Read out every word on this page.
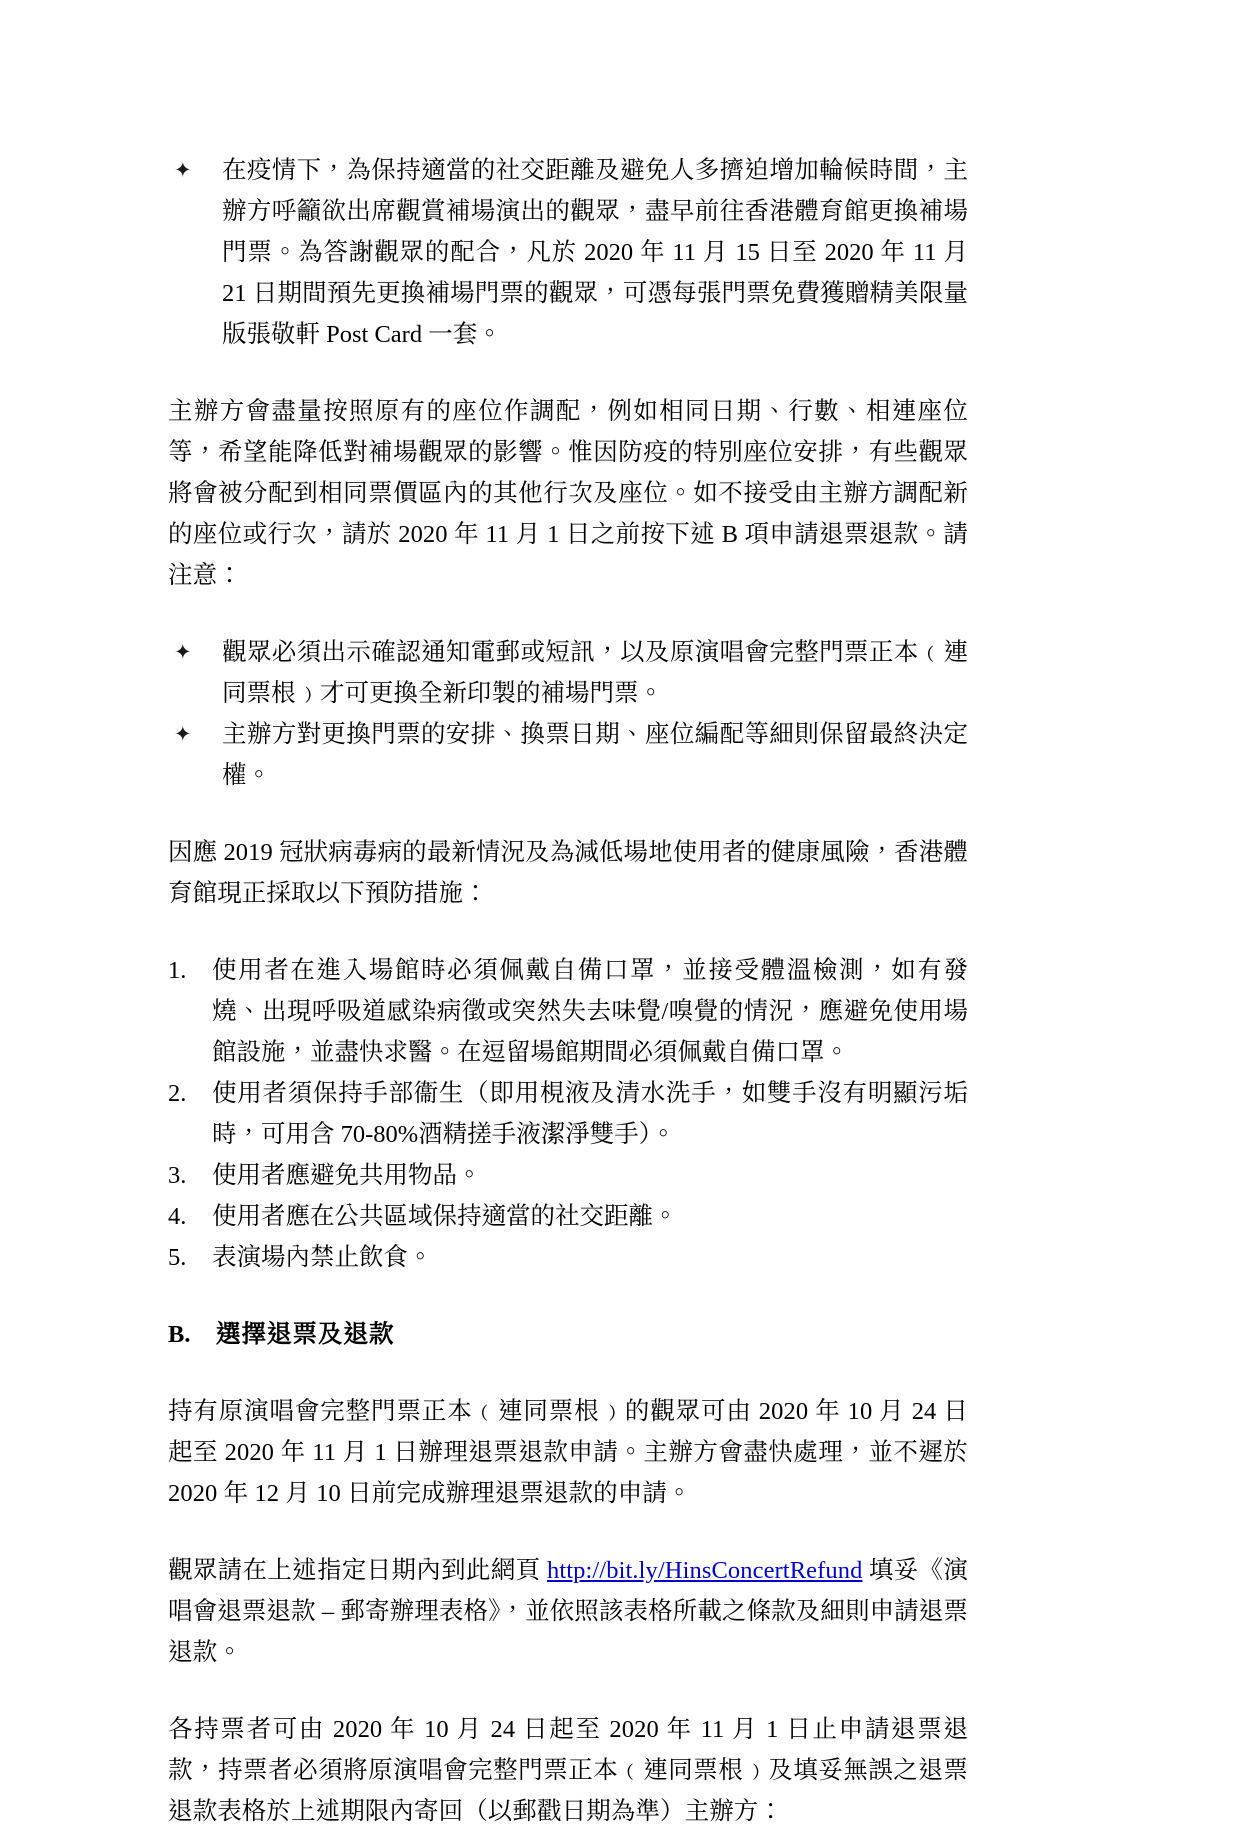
✦ 在疫情下，為保持適當的社交距離及避免人多擠迫增加輪候時間，主辦方呼籲欲出席觀賞補場演出的觀眾，盡早前往香港體育館更換補場門票。為答謝觀眾的配合，凡於 2020 年 11 月 15 日至 2020 年 11 月 21 日期間預先更換補場門票的觀眾，可憑每張門票免費獲贈精美限量版張敬軒 Post Card 一套。

主辦方會盡量按照原有的座位作調配，例如相同日期、行數、相連座位等，希望能降低對補場觀眾的影響。惟因防疫的特別座位安排，有些觀眾將會被分配到相同票價區內的其他行次及座位。如不接受由主辦方調配新的座位或行次，請於 2020 年 11 月 1 日之前按下述 B 項申請退票退款。請注意：

✦ 觀眾必須出示確認通知電郵或短訊，以及原演唱會完整門票正本﹙連同票根﹚才可更換全新印製的補場門票。
✦ 主辦方對更換門票的安排、換票日期、座位編配等細則保留最終決定權。

因應 2019 冠狀病毒病的最新情況及為減低場地使用者的健康風險，香港體育館現正採取以下預防措施：

1.	使用者在進入場館時必須佩戴自備口罩，並接受體溫檢測，如有發燒、出現呼吸道感染病徵或突然失去味覺/嗅覺的情況，應避免使用場館設施，並盡快求醫。在逗留場館期間必須佩戴自備口罩。
2.	使用者須保持手部衞生（即用梘液及清水洗手，如雙手沒有明顯污垢時，可用含 70-80%酒精搓手液潔淨雙手）。
3.	使用者應避免共用物品。
4.	使用者應在公共區域保持適當的社交距離。
5.	表演場內禁止飲食。
B.	選擇退票及退款

持有原演唱會完整門票正本﹙連同票根﹚的觀眾可由 2020 年 10 月 24 日起至 2020 年 11 月 1 日辦理退票退款申請。主辦方會盡快處理，並不遲於 2020 年 12 月 10 日前完成辦理退票退款的申請。

觀眾請在上述指定日期內到此網頁 http://bit.ly/HinsConcertRefund 填妥《演唱會退票退款 – 郵寄辦理表格》，並依照該表格所載之條款及細則申請退票退款。

各持票者可由 2020 年 10 月 24 日起至 2020 年 11 月 1 日止申請退票退款，持票者必須將原演唱會完整門票正本﹙連同票根﹚及填妥無誤之退票退款表格於上述期限內寄回（以郵戳日期為準）主辦方：
